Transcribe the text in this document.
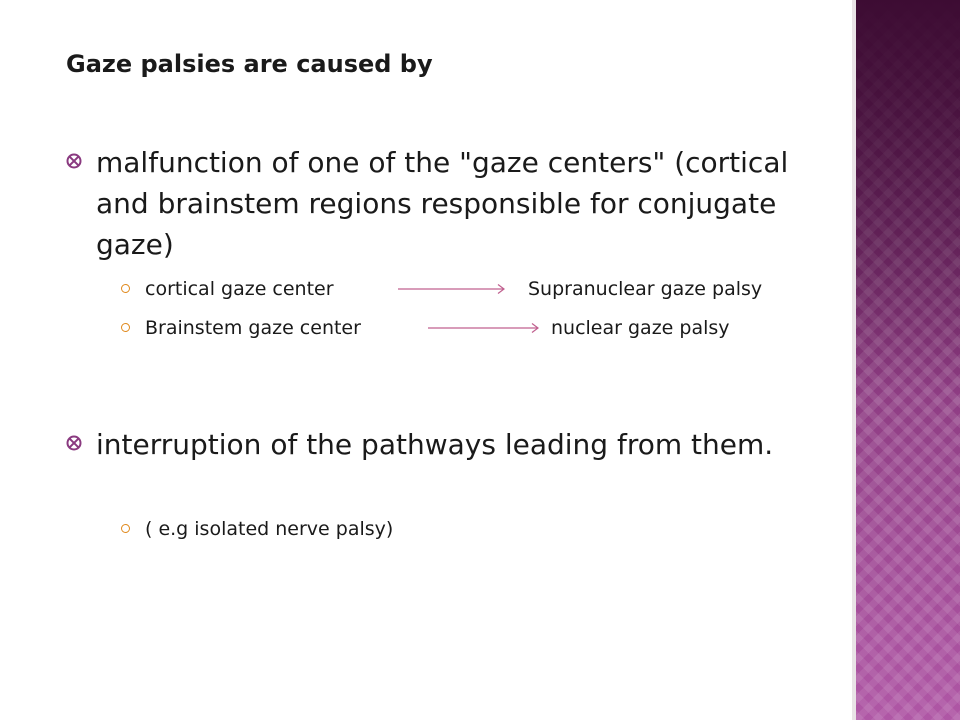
Gaze palsies are caused by
malfunction of one of the "gaze centers" (cortical and brainstem regions responsible for conjugate gaze)
cortical gaze center	Supranuclear gaze palsy
Brainstem gaze center	nuclear gaze palsy
interruption of the pathways leading from them.
( e.g isolated nerve palsy)
